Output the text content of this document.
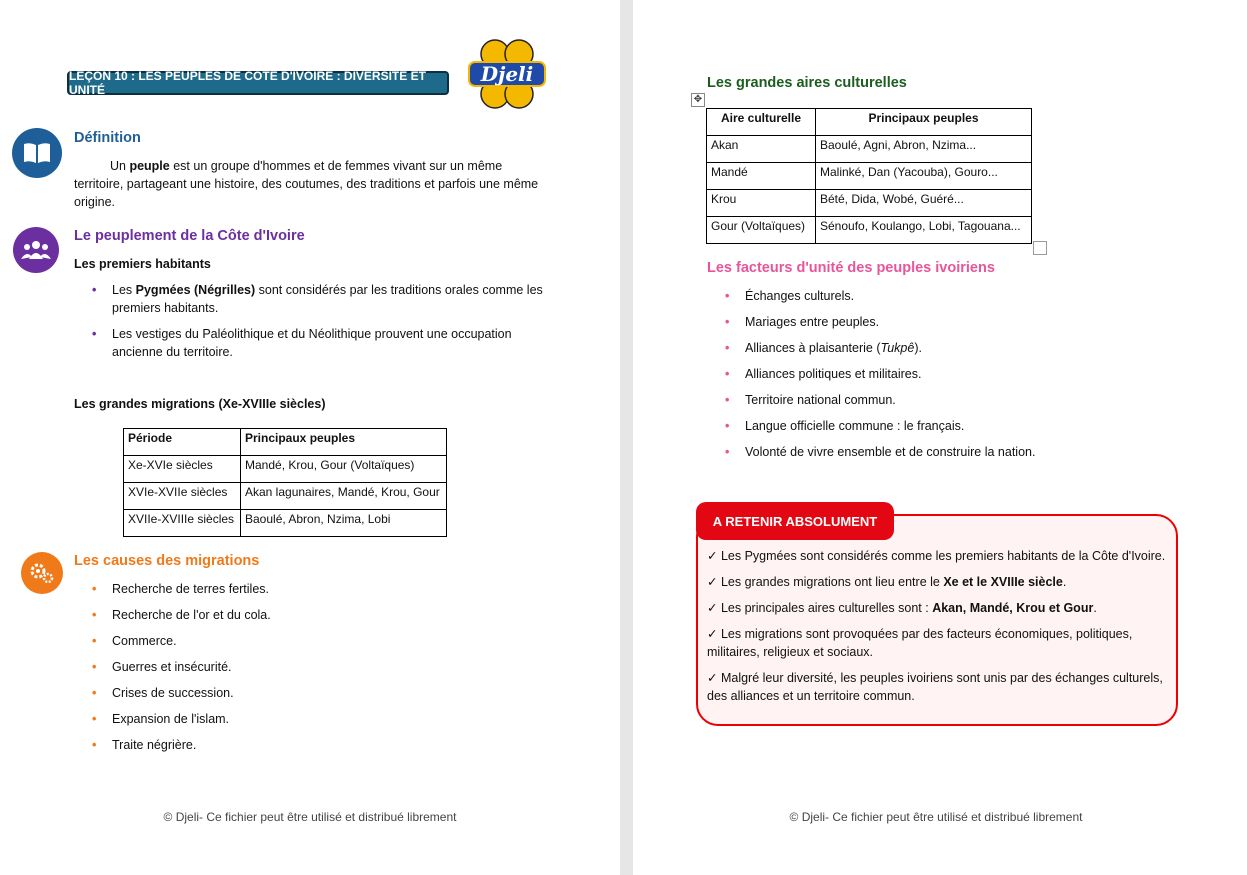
LEÇON 10 : LES PEUPLES DE CÔTE D'IVOIRE : DIVERSITÉ ET UNITÉ
Djeli
Définition
Un peuple est un groupe d'hommes et de femmes vivant sur un même territoire, partageant une histoire, des coutumes, des traditions et parfois une même origine.
Le peuplement de la Côte d'Ivoire
Les premiers habitants
• Les Pygmées (Négrilles) sont considérés par les traditions orales comme les premiers habitants.
• Les vestiges du Paléolithique et du Néolithique prouvent une occupation ancienne du territoire.
Les grandes migrations (Xe-XVIIIe siècles)
Période	Principaux peuples
Xe-XVIe siècles	Mandé, Krou, Gour (Voltaïques)
XVIe-XVIIe siècles	Akan lagunaires, Mandé, Krou, Gour
XVIIe-XVIIIe siècles	Baoulé, Abron, Nzima, Lobi
Les causes des migrations
• Recherche de terres fertiles.
• Recherche de l'or et du cola.
• Commerce.
• Guerres et insécurité.
• Crises de succession.
• Expansion de l'islam.
• Traite négrière.
© Djeli- Ce fichier peut être utilisé et distribué librement
Les grandes aires culturelles
✥
Aire culturelle	Principaux peuples
Akan	Baoulé, Agni, Abron, Nzima...
Mandé	Malinké, Dan (Yacouba), Gouro...
Krou	Bété, Dida, Wobé, Guéré...
Gour (Voltaïques)	Sénoufo, Koulango, Lobi, Tagouana...
Les facteurs d'unité des peuples ivoiriens
• Échanges culturels.
• Mariages entre peuples.
• Alliances à plaisanterie (Tukpê).
• Alliances politiques et militaires.
• Territoire national commun.
• Langue officielle commune : le français.
• Volonté de vivre ensemble et de construire la nation.
A RETENIR ABSOLUMENT
✓ Les Pygmées sont considérés comme les premiers habitants de la Côte d'Ivoire.
✓ Les grandes migrations ont lieu entre le Xe et le XVIIIe siècle.
✓ Les principales aires culturelles sont : Akan, Mandé, Krou et Gour.
✓ Les migrations sont provoquées par des facteurs économiques, politiques, militaires, religieux et sociaux.
✓ Malgré leur diversité, les peuples ivoiriens sont unis par des échanges culturels, des alliances et un territoire commun.
© Djeli- Ce fichier peut être utilisé et distribué librement
